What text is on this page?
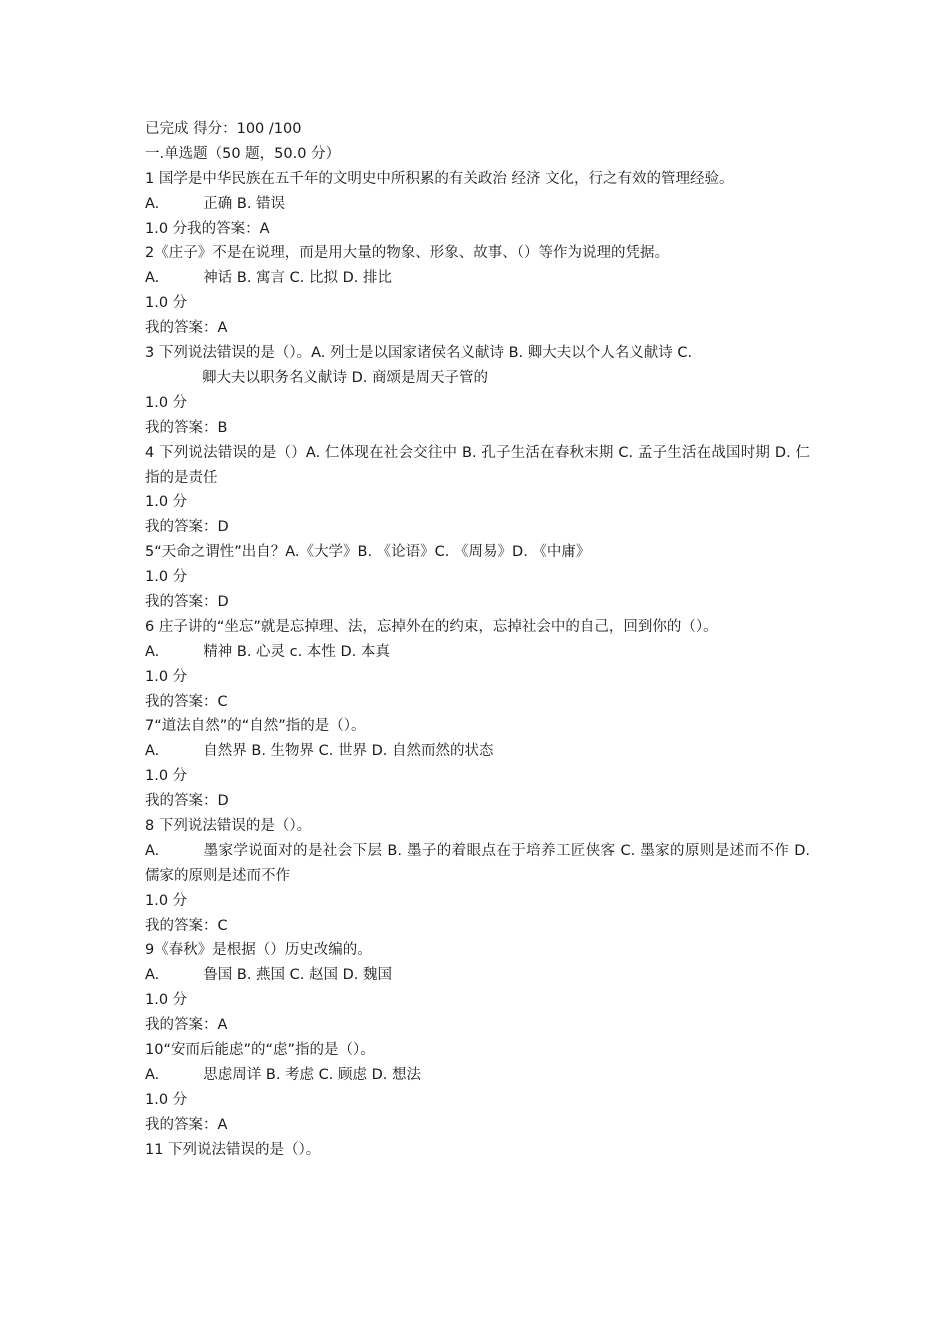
已完成 得分：100 /100
一.单选题（50 题，50.0 分）
1 国学是中华民族在五千年的文明史中所积累的有关政治 经济 文化，行之有效的管理经验。
A.	正确 B. 错误
1.0 分我的答案：A
2《庄子》不是在说理，而是用大量的物象、形象、故事、（）等作为说理的凭据。
A.	神话 B. 寓言 C. 比拟 D. 排比
1.0 分
我的答案：A
3 下列说法错误的是（）。A. 列士是以国家诸侯名义献诗 B. 卿大夫以个人名义献诗 C.
卿大夫以职务名义献诗 D. 商颂是周天子管的
1.0 分
我的答案：B
4 下列说法错误的是（）A. 仁体现在社会交往中 B. 孔子生活在春秋末期 C. 孟子生活在战国时期 D. 仁指的是责任
1.0 分
我的答案：D
5“天命之谓性”出自？A.《大学》B. 《论语》C. 《周易》D. 《中庸》
1.0 分
我的答案：D
6 庄子讲的“坐忘”就是忘掉理、法，忘掉外在的约束，忘掉社会中的自己，回到你的（）。
A.	精神 B. 心灵 c. 本性 D. 本真
1.0 分
我的答案：C
7“道法自然”的“自然”指的是（）。
A.	自然界 B. 生物界 C. 世界 D. 自然而然的状态
1.0 分
我的答案：D
8 下列说法错误的是（）。
A.	墨家学说面对的是社会下层 B. 墨子的着眼点在于培养工匠侠客 C. 墨家的原则是述而不作 D. 儒家的原则是述而不作
1.0 分
我的答案：C
9《春秋》是根据（）历史改编的。
A.	鲁国 B. 燕国 C. 赵国 D. 魏国
1.0 分
我的答案：A
10“安而后能虑”的“虑”指的是（）。
A.	思虑周详 B. 考虑 C. 顾虑 D. 想法
1.0 分
我的答案：A
11 下列说法错误的是（）。
